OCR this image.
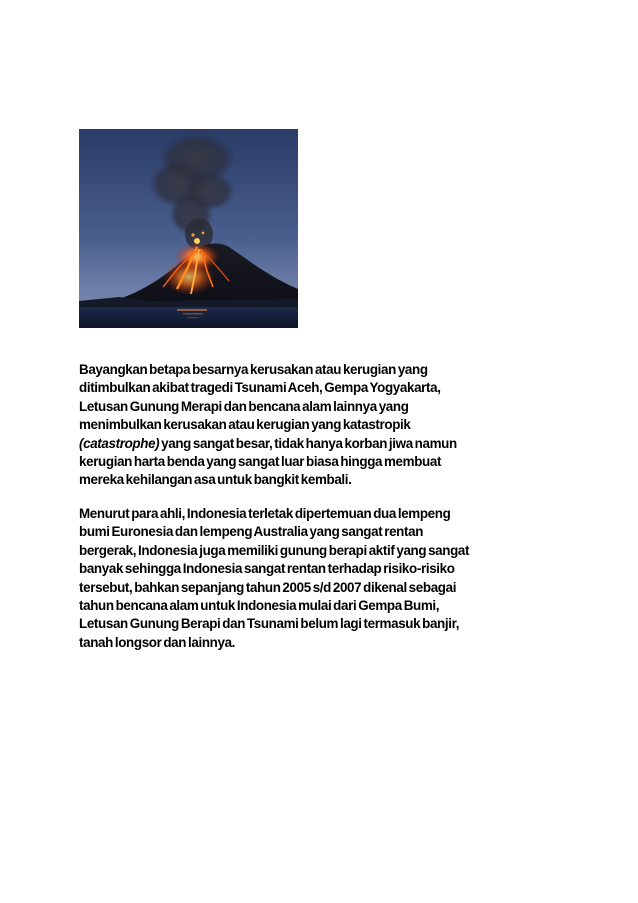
Bayangkan betapa besarnya kerusakan atau kerugian yang
ditimbulkan akibat tragedi Tsunami Aceh, Gempa Yogyakarta,
Letusan Gunung Merapi dan bencana alam lainnya yang
menimbulkan kerusakan atau kerugian yang katastropik
(catastrophe) yang sangat besar, tidak hanya korban jiwa namun
kerugian harta benda yang sangat luar biasa hingga membuat
mereka kehilangan asa untuk bangkit kembali.
Menurut para ahli, Indonesia terletak dipertemuan dua lempeng
bumi Euronesia dan lempeng Australia yang sangat rentan
bergerak, Indonesia juga memiliki gunung berapi aktif yang sangat
banyak sehingga Indonesia sangat rentan terhadap risiko-risiko
tersebut, bahkan sepanjang tahun 2005 s/d 2007 dikenal sebagai
tahun bencana alam untuk Indonesia mulai dari Gempa Bumi,
Letusan Gunung Berapi dan Tsunami belum lagi termasuk banjir,
tanah longsor dan lainnya.
